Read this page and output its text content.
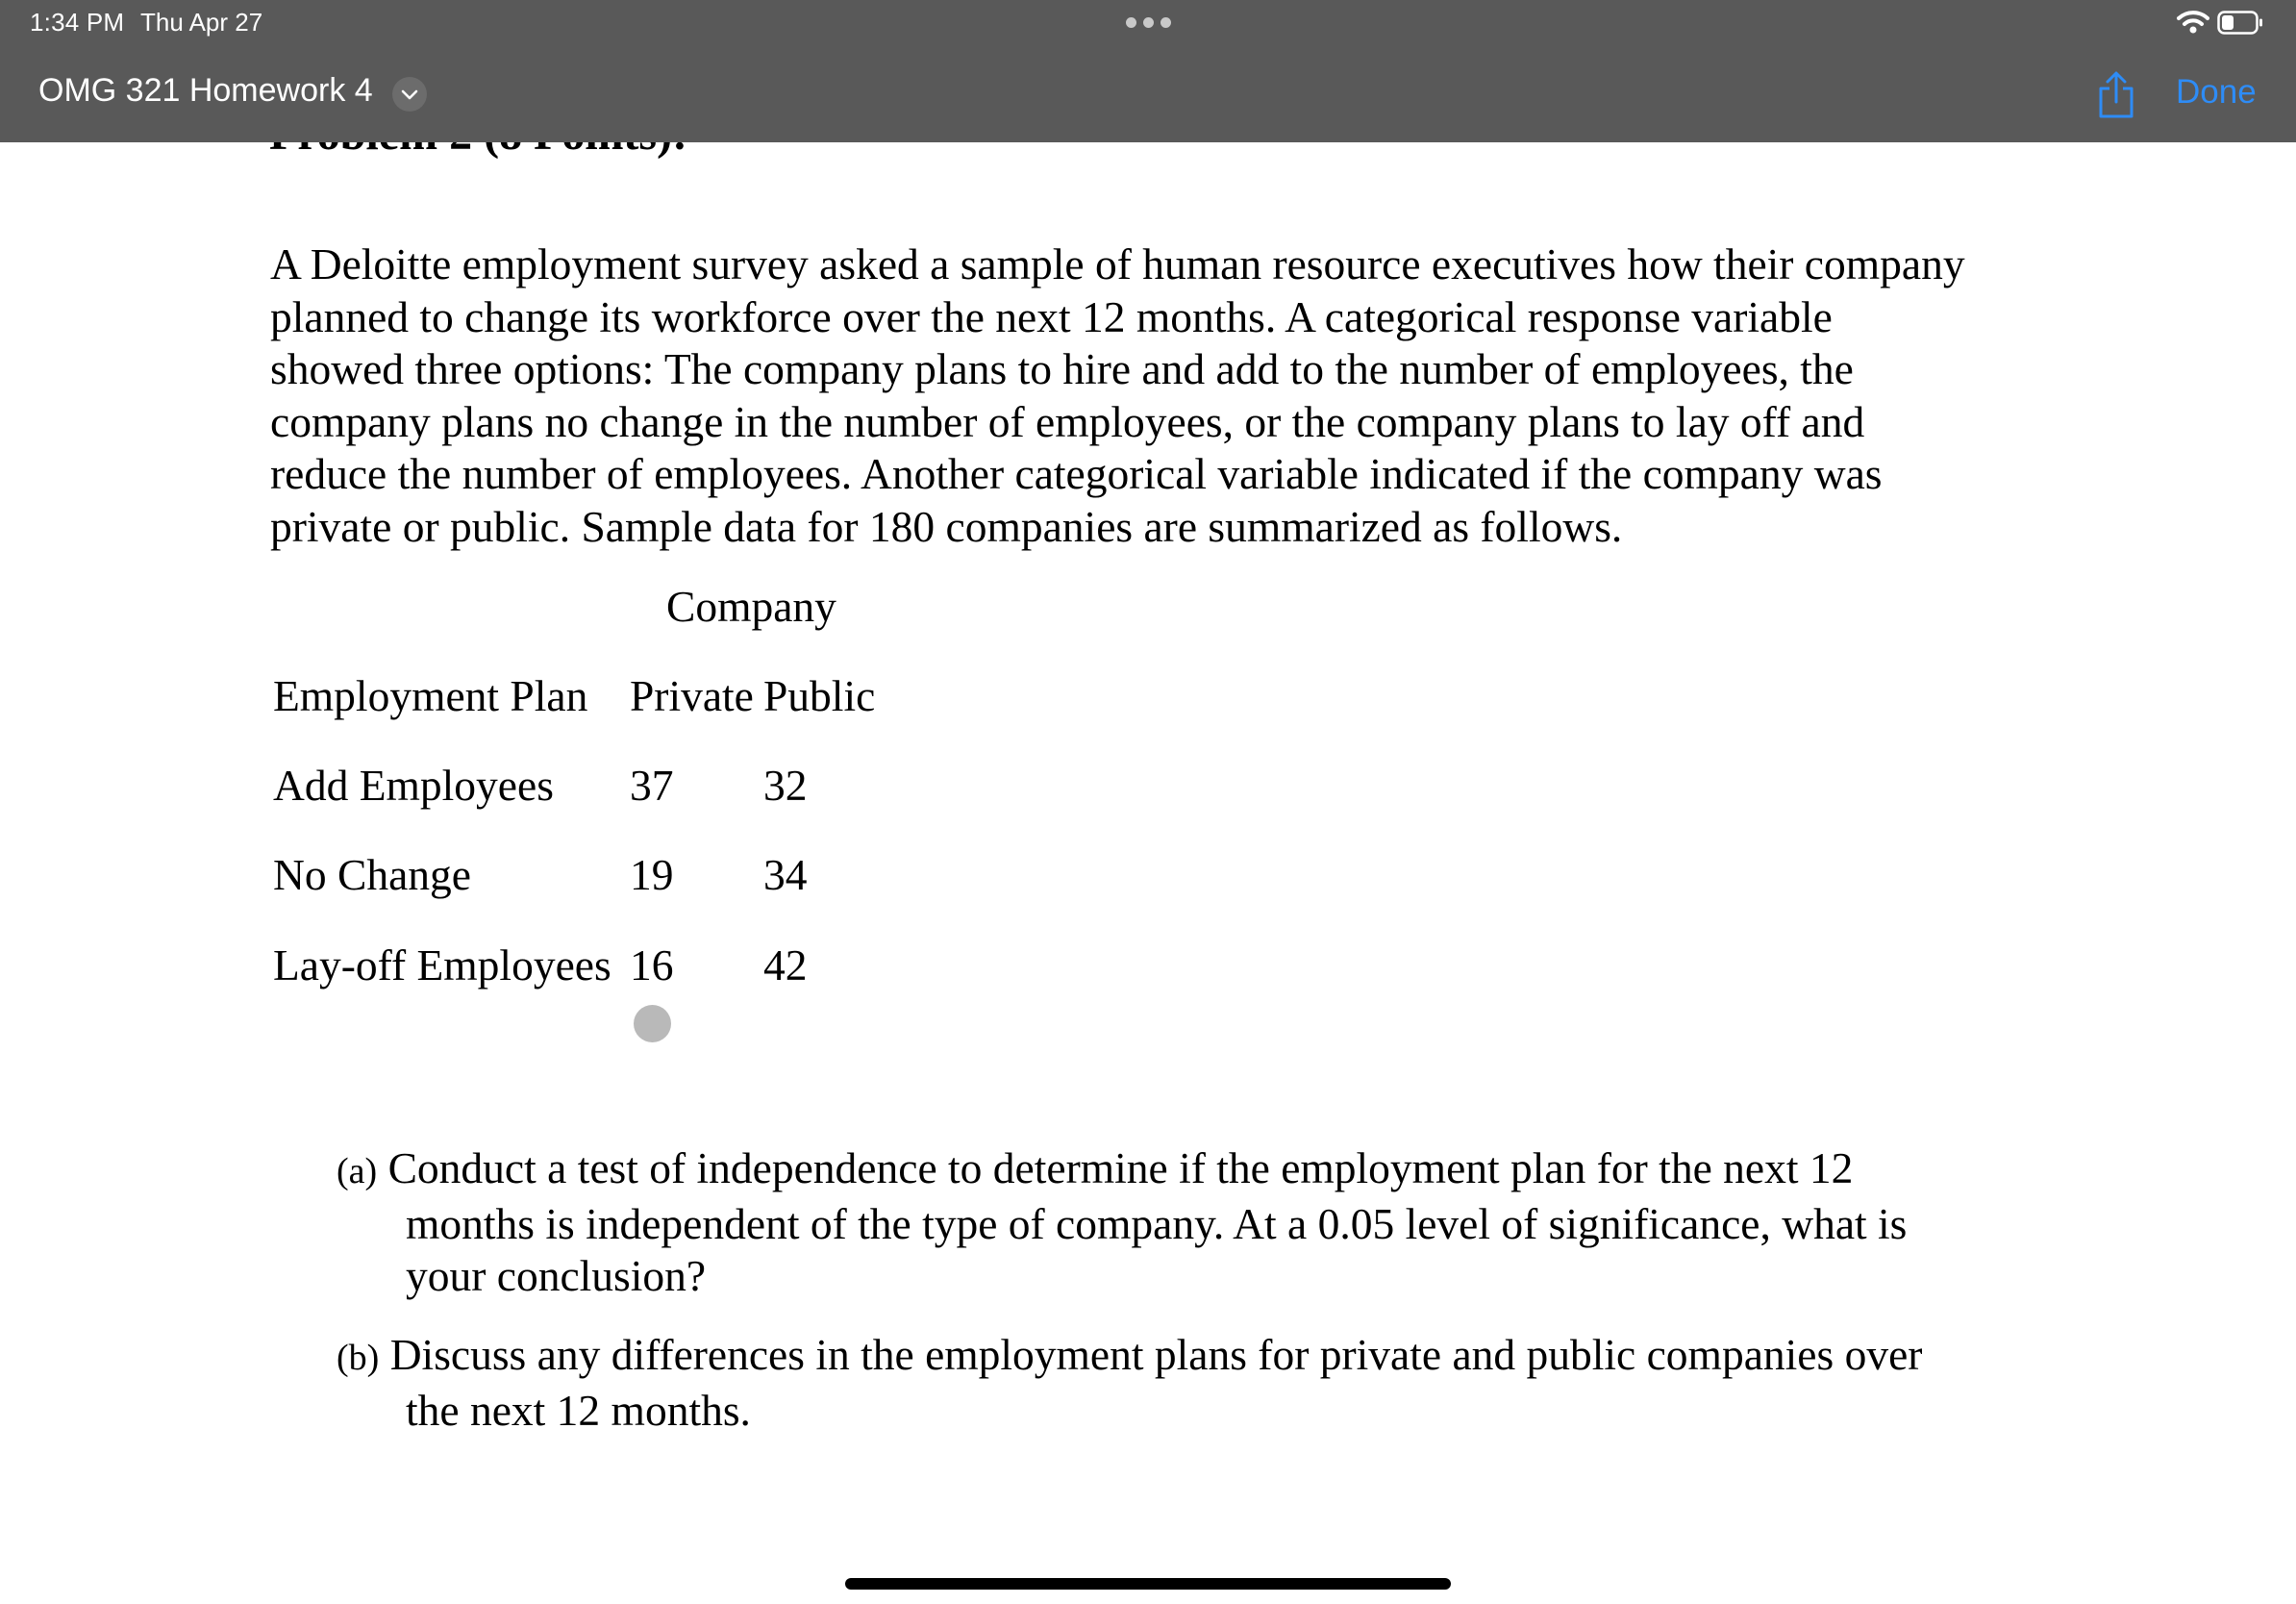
1:34 PM Thu Apr 27
OMG 321 Homework 4	Done
A Deloitte employment survey asked a sample of human resource executives how their company
planned to change its workforce over the next 12 months. A categorical response variable
showed three options: The company plans to hire and add to the number of employees, the
company plans no change in the number of employees, or the company plans to lay off and
reduce the number of employees. Another categorical variable indicated if the company was
private or public. Sample data for 180 companies are summarized as follows.
Company
Employment Plan Private Public
Add Employees 37 32
No Change	19 34
Lay-off Employees 16 42
(a) Conduct a test of independence to determine if the employment plan for the next 12
months is independent of the type of company. At a 0.05 level of significance, what is
your conclusion?
(b) Discuss any differences in the employment plans for private and public companies over
the next 12 months.
